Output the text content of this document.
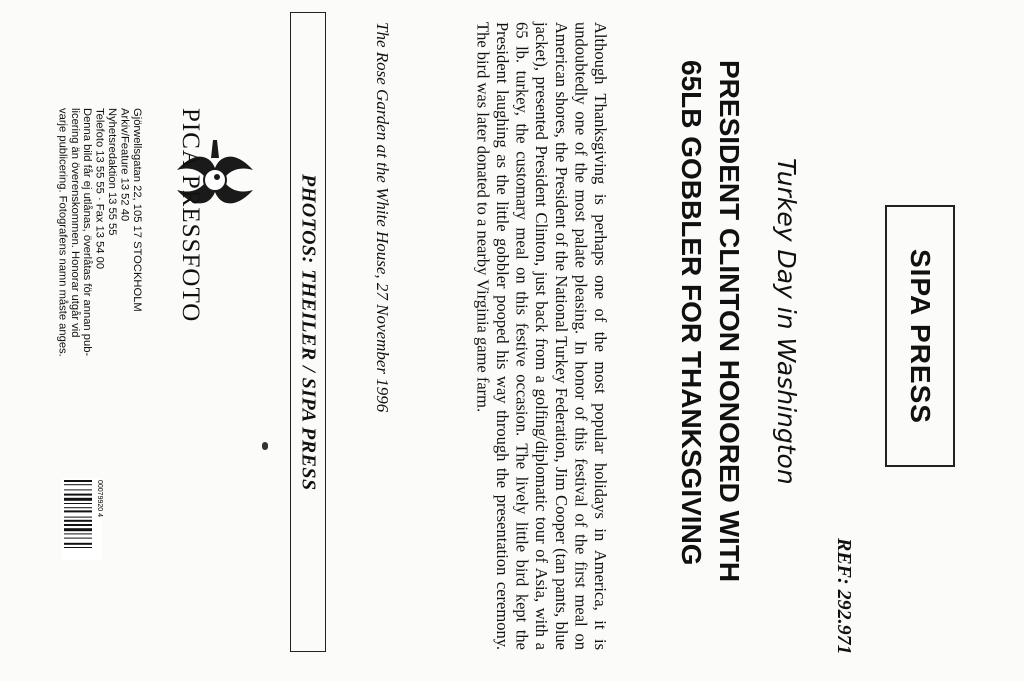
SIPA PRESS
REF: 292.971
Turkey Day in Washington
PRESIDENT CLINTON HONORED WITH
65LB GOBBLER FOR THANKSGIVING
Although Thanksgiving is perhaps one of the most popular holidays in America, it is undoubtedly one of the most palate pleasing. In honor of this festival of the first meal on American shores, the President of the National Turkey Federation, Jim Cooper (tan pants, blue jacket), presented President Clinton, just back from a golfing/diplomatic tour of Asia, with a 65 lb. turkey, the customary meal on this festive occasion. The lively little bird kept the President laughing as the little gobbler pooped his way through the presentation ceremony. The bird was later donated to a nearby Virginia game farm.
The Rose Garden at the White House, 27 November 1996
PHOTOS: THEILER / SIPA PRESS
PICA PRESSFOTO
Gjörwellsgatan 22, 105 17 STOCKHOLM
Arkiv/Feature 13 52 40
Nyhetsredaktion 13 55 55
Telefoto 13 55 55 · Fax 13 54 00
Denna bild får ej utlånas, överlåtas för annan pub-
licering än överenskommen. Honorar utgår vid
varje publicering. Fotografens namn måste anges.
00079920 4
